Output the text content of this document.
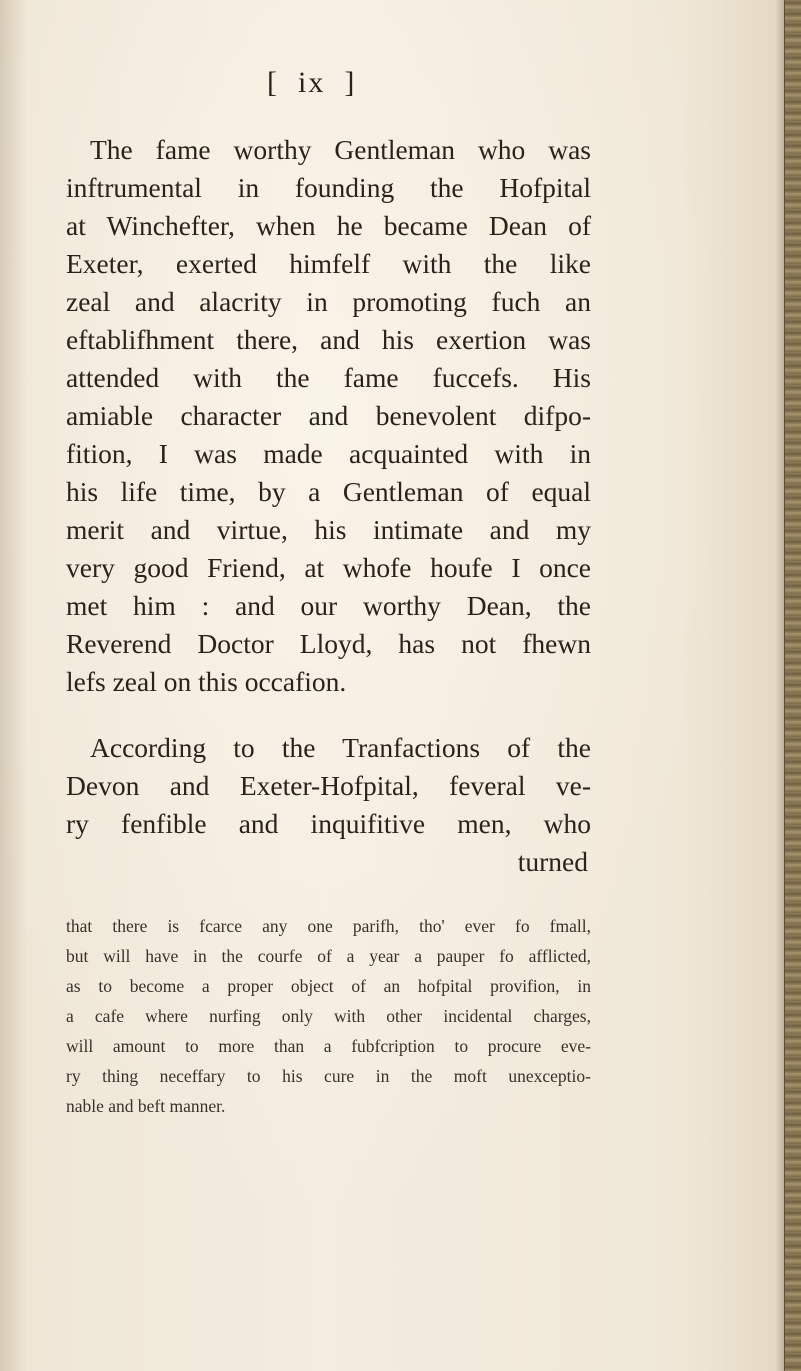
[  ix  ]
The fame worthy Gentleman who was
inftrumental in founding the Hofpital
at Winchefter, when he became Dean of
Exeter, exerted himfelf with the like
zeal and alacrity in promoting fuch an
eftablifhment there, and his exertion was
attended with the fame fuccefs. His
amiable character and benevolent difpo-
fition, I was made acquainted with in
his life time, by a Gentleman of equal
merit and virtue, his intimate and my
very good Friend, at whofe houfe I once
met him : and our worthy Dean, the
Reverend Doctor Lloyd, has not fhewn
lefs zeal on this occafion.
According to the Tranfactions of the
Devon and Exeter-Hofpital, feveral ve-
ry fenfible and inquifitive men, who
turned
that there is fcarce any one parifh, tho' ever fo fmall,
but will have in the courfe of a year a pauper fo afflicted,
as to become a proper object of an hofpital provifion, in
a cafe where nurfing only with other incidental charges,
will amount to more than a fubfcription to procure eve-
ry thing neceffary to his cure in the moft unexceptio-
nable and beft manner.
